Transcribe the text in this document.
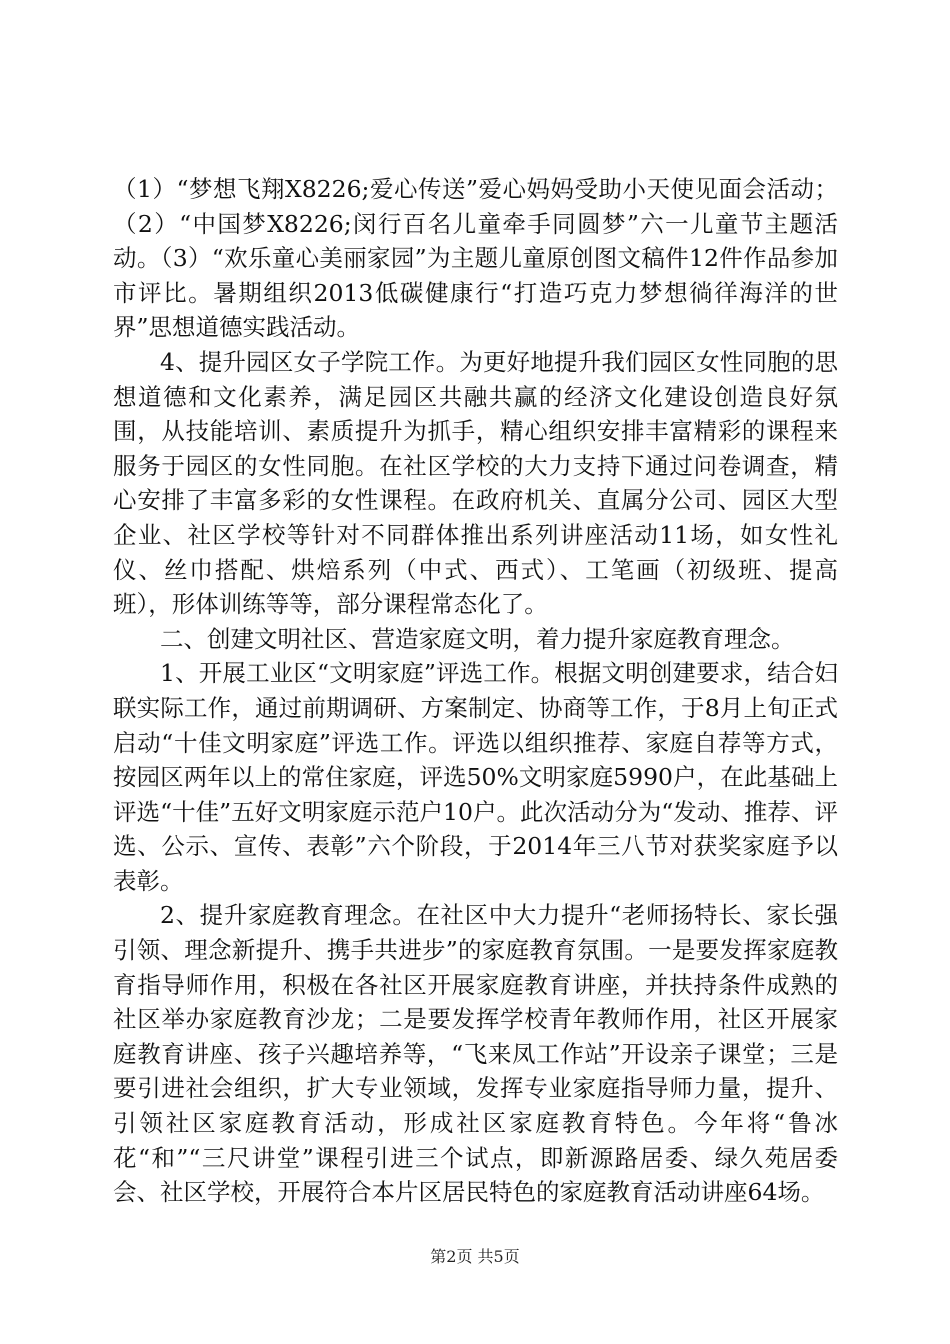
（1）“梦想飞翔X8226;爱心传送”爱心妈妈受助小天使见面会活动；（2）“中国梦X8226;闵行百名儿童牵手同圆梦”六一儿童节主题活动。（3）“欢乐童心美丽家园”为主题儿童原创图文稿件12件作品参加市评比。暑期组织2013低碳健康行“打造巧克力梦想徜徉海洋的世界”思想道德实践活动。

4、提升园区女子学院工作。为更好地提升我们园区女性同胞的思想道德和文化素养，满足园区共融共赢的经济文化建设创造良好氛围，从技能培训、素质提升为抓手，精心组织安排丰富精彩的课程来服务于园区的女性同胞。在社区学校的大力支持下通过问卷调查，精心安排了丰富多彩的女性课程。在政府机关、直属分公司、园区大型企业、社区学校等针对不同群体推出系列讲座活动11场，如女性礼仪、丝巾搭配、烘焙系列（中式、西式）、工笔画（初级班、提高班），形体训练等等，部分课程常态化了。

二、创建文明社区、营造家庭文明，着力提升家庭教育理念。

1、开展工业区“文明家庭”评选工作。根据文明创建要求，结合妇联实际工作，通过前期调研、方案制定、协商等工作，于8月上旬正式启动“十佳文明家庭”评选工作。评选以组织推荐、家庭自荐等方式，按园区两年以上的常住家庭，评选50%文明家庭5990户，在此基础上评选“十佳”五好文明家庭示范户10户。此次活动分为“发动、推荐、评选、公示、宣传、表彰”六个阶段，于2014年三八节对获奖家庭予以表彰。

2、提升家庭教育理念。在社区中大力提升“老师扬特长、家长强引领、理念新提升、携手共进步”的家庭教育氛围。一是要发挥家庭教育指导师作用，积极在各社区开展家庭教育讲座，并扶持条件成熟的社区举办家庭教育沙龙；二是要发挥学校青年教师作用，社区开展家庭教育讲座、孩子兴趣培养等，“飞来凤工作站”开设亲子课堂；三是要引进社会组织，扩大专业领域，发挥专业家庭指导师力量，提升、引领社区家庭教育活动，形成社区家庭教育特色。今年将“鲁冰花“和”“三尺讲堂”课程引进三个试点，即新源路居委、绿久苑居委会、社区学校，开展符合本片区居民特色的家庭教育活动讲座64场。

第2页 共5页
